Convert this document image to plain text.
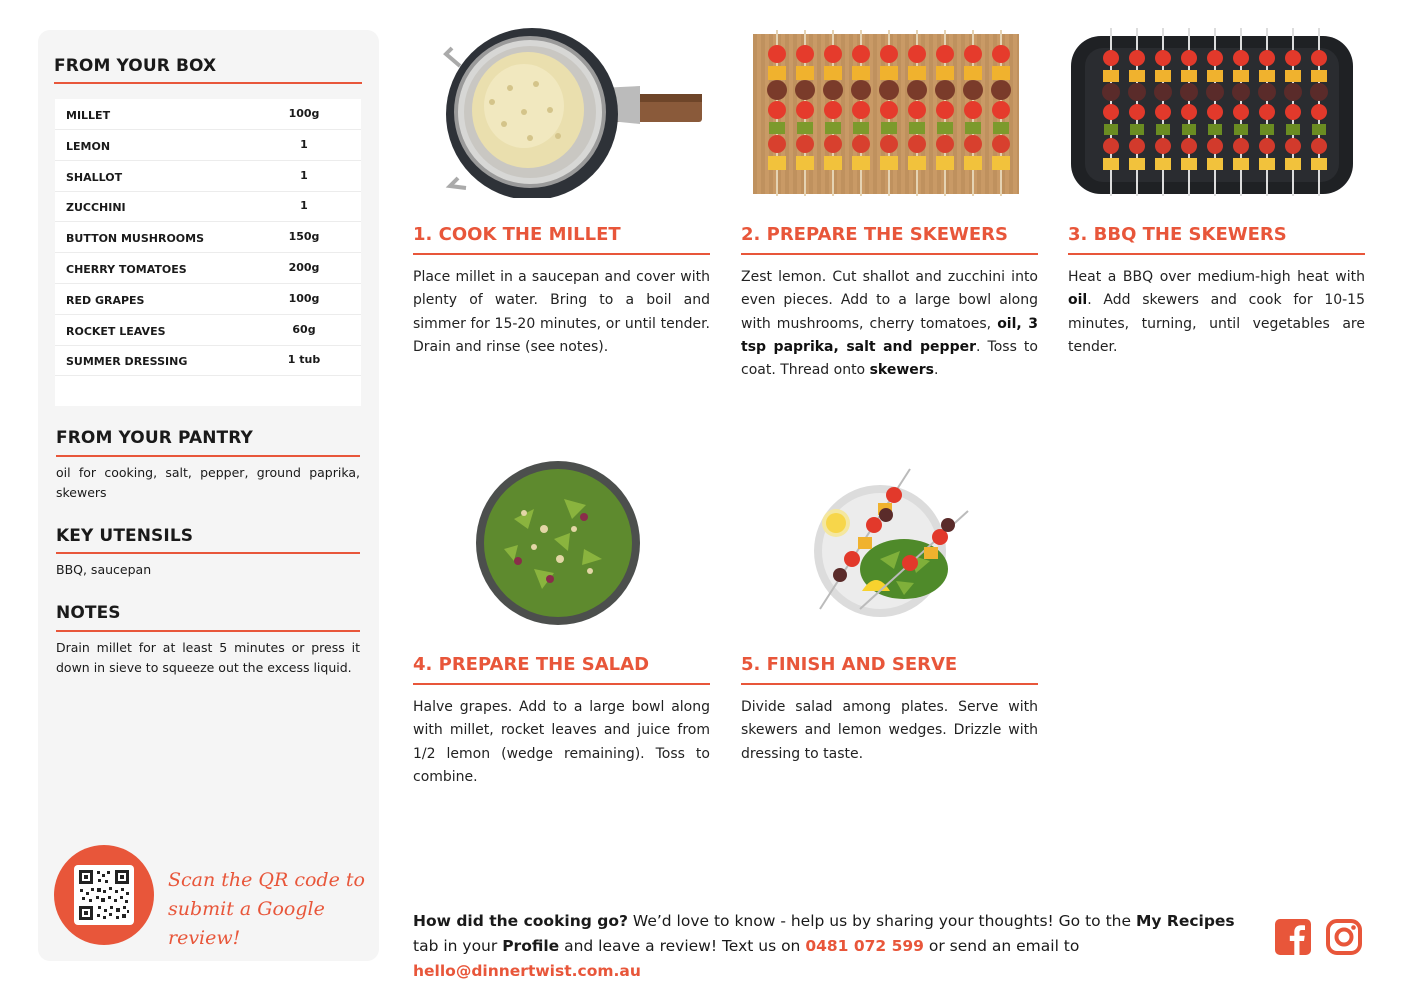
FROM YOUR BOX
MILLET	100g
LEMON	1
SHALLOT	1
ZUCCHINI	1
BUTTON MUSHROOMS	150g
CHERRY TOMATOES	200g
RED GRAPES	100g
ROCKET LEAVES	60g
SUMMER DRESSING	1 tub
FROM YOUR PANTRY
oil for cooking, salt, pepper, ground paprika, skewers
KEY UTENSILS
BBQ, saucepan
NOTES
Drain millet for at least 5 minutes or press it down in sieve to squeeze out the excess liquid.
Scan the QR code to submit a Google review!
1. COOK THE MILLET
Place millet in a saucepan and cover with plenty of water. Bring to a boil and simmer for 15-20 minutes, or until tender. Drain and rinse (see notes).
2. PREPARE THE SKEWERS
Zest lemon. Cut shallot and zucchini into even pieces. Add to a large bowl along with mushrooms, cherry tomatoes, oil, 3 tsp paprika, salt and pepper. Toss to coat. Thread onto skewers.
3. BBQ THE SKEWERS
Heat a BBQ over medium-high heat with oil. Add skewers and cook for 10-15 minutes, turning, until vegetables are tender.
4. PREPARE THE SALAD
Halve grapes. Add to a large bowl along with millet, rocket leaves and juice from 1/2 lemon (wedge remaining). Toss to combine.
5. FINISH AND SERVE
Divide salad among plates. Serve with skewers and lemon wedges. Drizzle with dressing to taste.
How did the cooking go? We’d love to know - help us by sharing your thoughts! Go to the My Recipes tab in your Profile and leave a review! Text us on 0481 072 599 or send an email to hello@dinnertwist.com.au
